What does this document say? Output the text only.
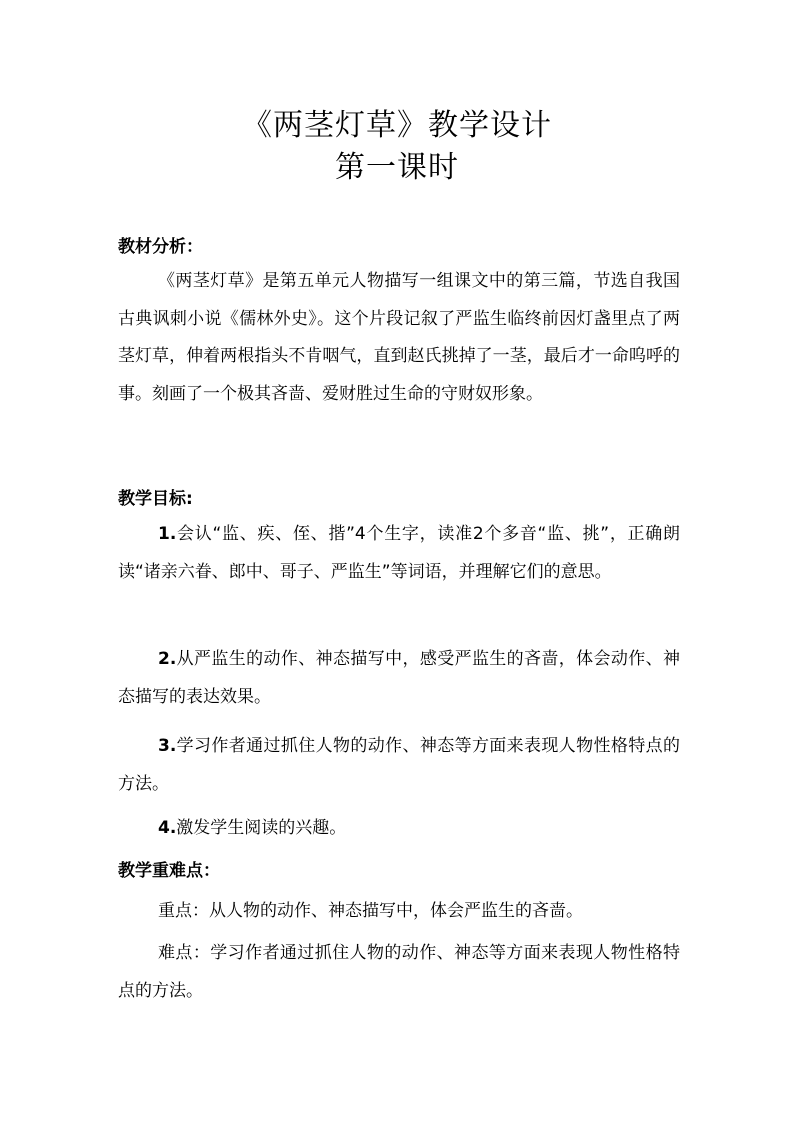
《两茎灯草》教学设计
第一课时
教材分析：
《两茎灯草》是第五单元人物描写一组课文中的第三篇，节选自我国古典讽刺小说《儒林外史》。这个片段记叙了严监生临终前因灯盏里点了两茎灯草，伸着两根指头不肯咽气，直到赵氏挑掉了一茎，最后才一命呜呼的事。刻画了一个极其吝啬、爱财胜过生命的守财奴形象。
教学目标:
1.会认“监、疾、侄、揩”4个生字，读准2个多音“监、挑”，正确朗读“诸亲六眷、郎中、哥子、严监生”等词语，并理解它们的意思。
2.从严监生的动作、神态描写中，感受严监生的吝啬，体会动作、神态描写的表达效果。
3.学习作者通过抓住人物的动作、神态等方面来表现人物性格特点的方法。
4.激发学生阅读的兴趣。
教学重难点：
重点：从人物的动作、神态描写中，体会严监生的吝啬。
难点：学习作者通过抓住人物的动作、神态等方面来表现人物性格特点的方法。
